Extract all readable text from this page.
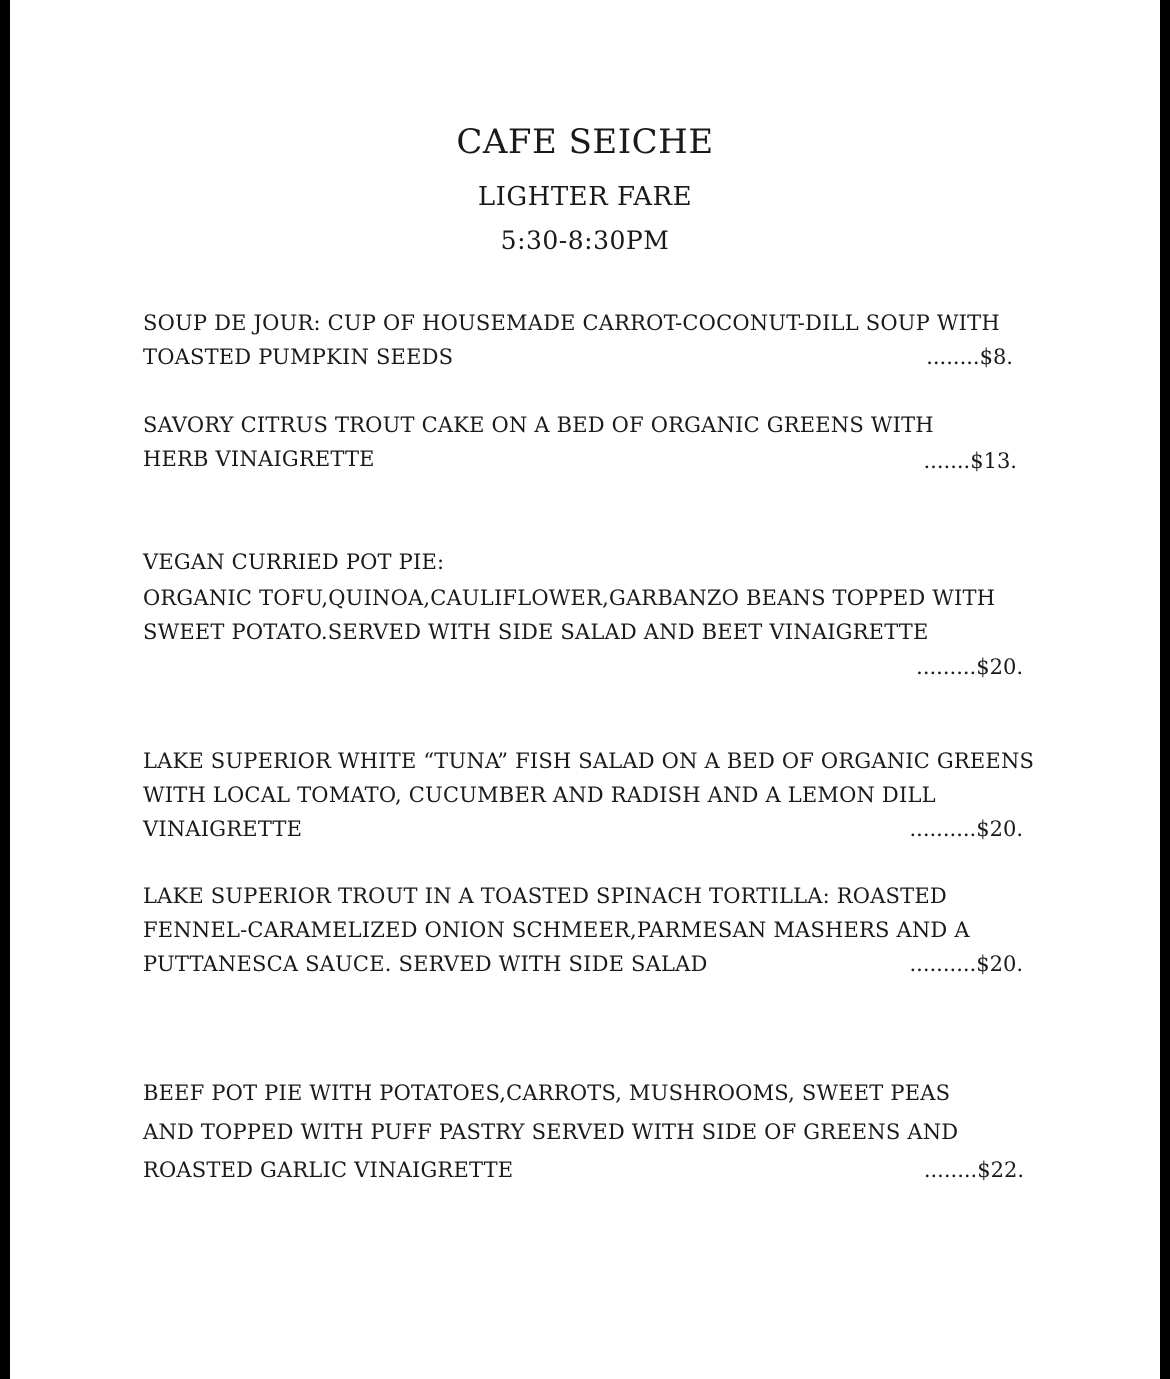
CAFE SEICHE
LIGHTER FARE
5:30-8:30PM
SOUP DE JOUR: CUP OF HOUSEMADE CARROT-COCONUT-DILL SOUP WITH
TOASTED PUMPKIN SEEDS	........$8.
SAVORY CITRUS TROUT CAKE ON A BED OF ORGANIC GREENS WITH
HERB VINAIGRETTE	.......$13.
VEGAN CURRIED POT PIE:
ORGANIC TOFU,QUINOA,CAULIFLOWER,GARBANZO BEANS TOPPED WITH
SWEET POTATO.SERVED WITH SIDE SALAD AND BEET VINAIGRETTE
.........$20.
LAKE SUPERIOR WHITE “TUNA” FISH SALAD ON A BED OF ORGANIC GREENS
WITH LOCAL TOMATO, CUCUMBER AND RADISH AND A LEMON DILL
VINAIGRETTE	..........$20.
LAKE SUPERIOR TROUT IN A TOASTED SPINACH TORTILLA: ROASTED
FENNEL-CARAMELIZED ONION SCHMEER,PARMESAN MASHERS AND A
PUTTANESCA SAUCE. SERVED WITH SIDE SALAD	..........$20.
BEEF POT PIE WITH POTATOES,CARROTS, MUSHROOMS, SWEET PEAS
AND TOPPED WITH PUFF PASTRY SERVED WITH SIDE OF GREENS AND
ROASTED GARLIC VINAIGRETTE	........$22.
